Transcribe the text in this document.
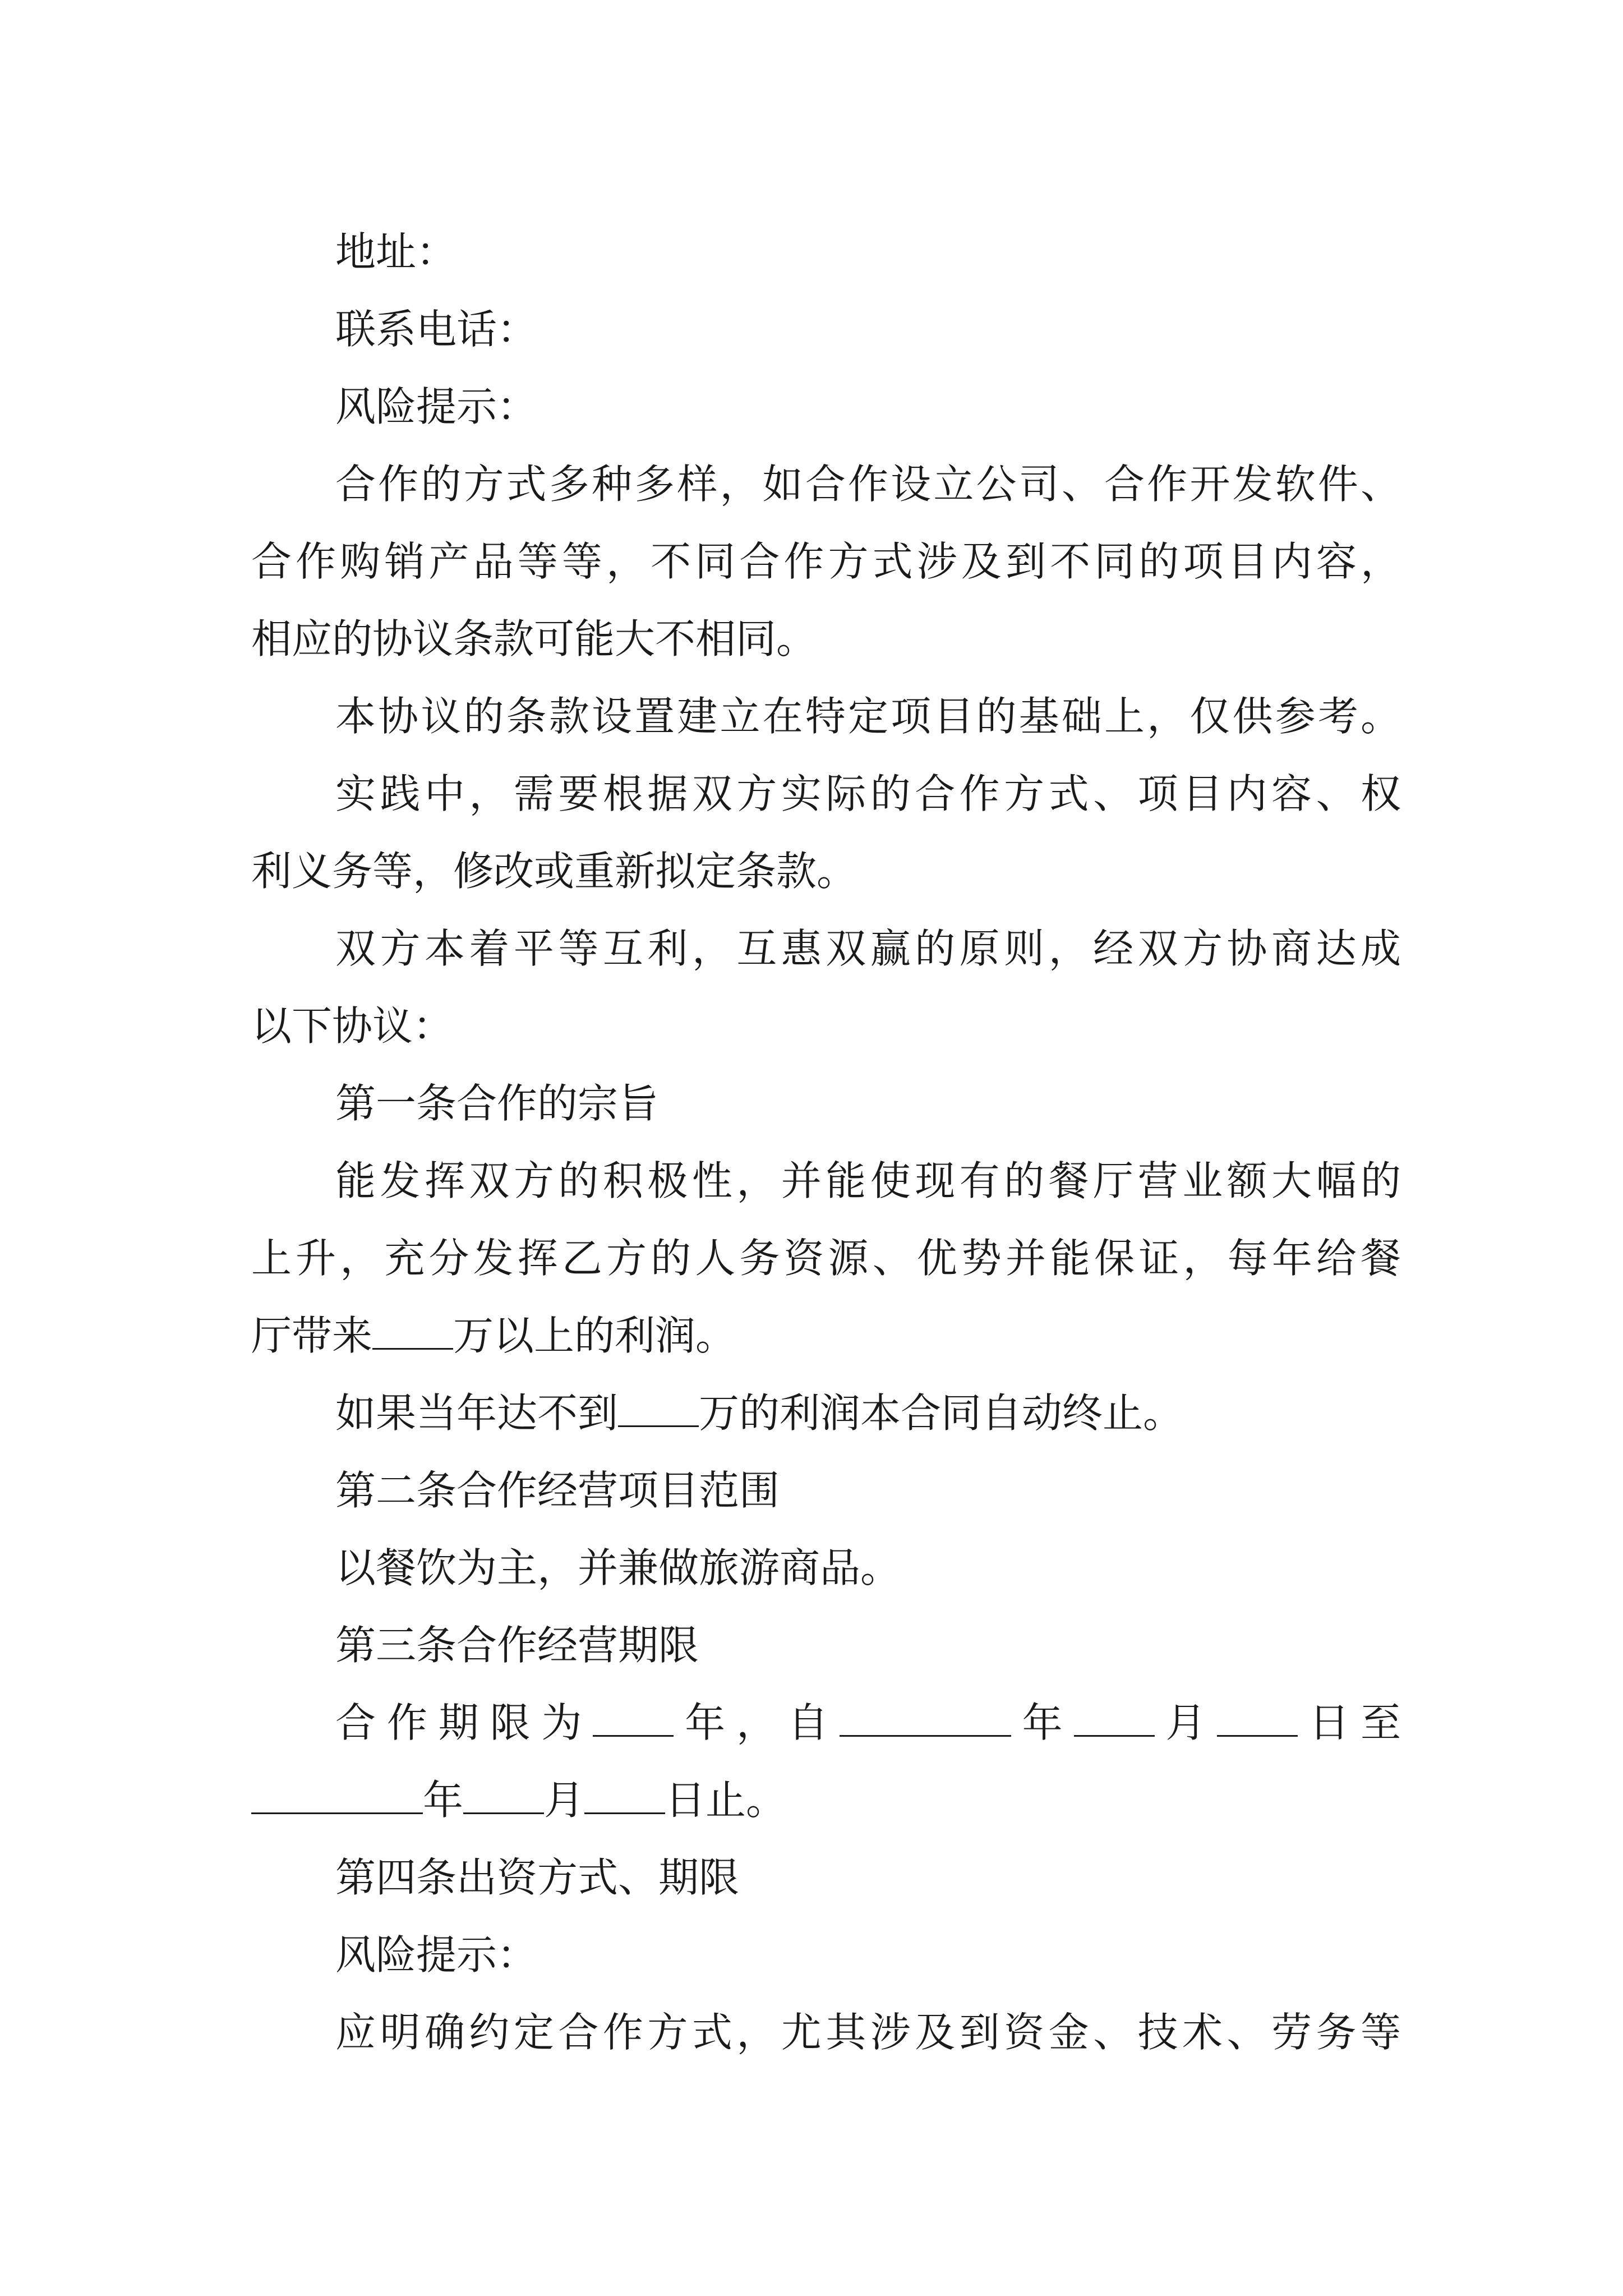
地址：
联系电话：
风险提示：
合作的方式多种多样，如合作设立公司、合作开发软件、
合作购销产品等等，不同合作方式涉及到不同的项目内容，
相应的协议条款可能大不相同。
本协议的条款设置建立在特定项目的基础上，仅供参考。
实践中，需要根据双方实际的合作方式、项目内容、权
利义务等，修改或重新拟定条款。
双方本着平等互利，互惠双赢的原则，经双方协商达成
以下协议：
第一条合作的宗旨
能发挥双方的积极性，并能使现有的餐厅营业额大幅的
上升，充分发挥乙方的人务资源、优势并能保证，每年给餐
厅带来 万以上的利润。
如果当年达不到 万的利润本合同自动终止。
第二条合作经营项目范围
以餐饮为主，并兼做旅游商品。
第三条合作经营期限
合作期限为 年，自	年 月 日至
年 月 日止。
第四条出资方式、期限
风险提示：
应明确约定合作方式，尤其涉及到资金、技术、劳务等
